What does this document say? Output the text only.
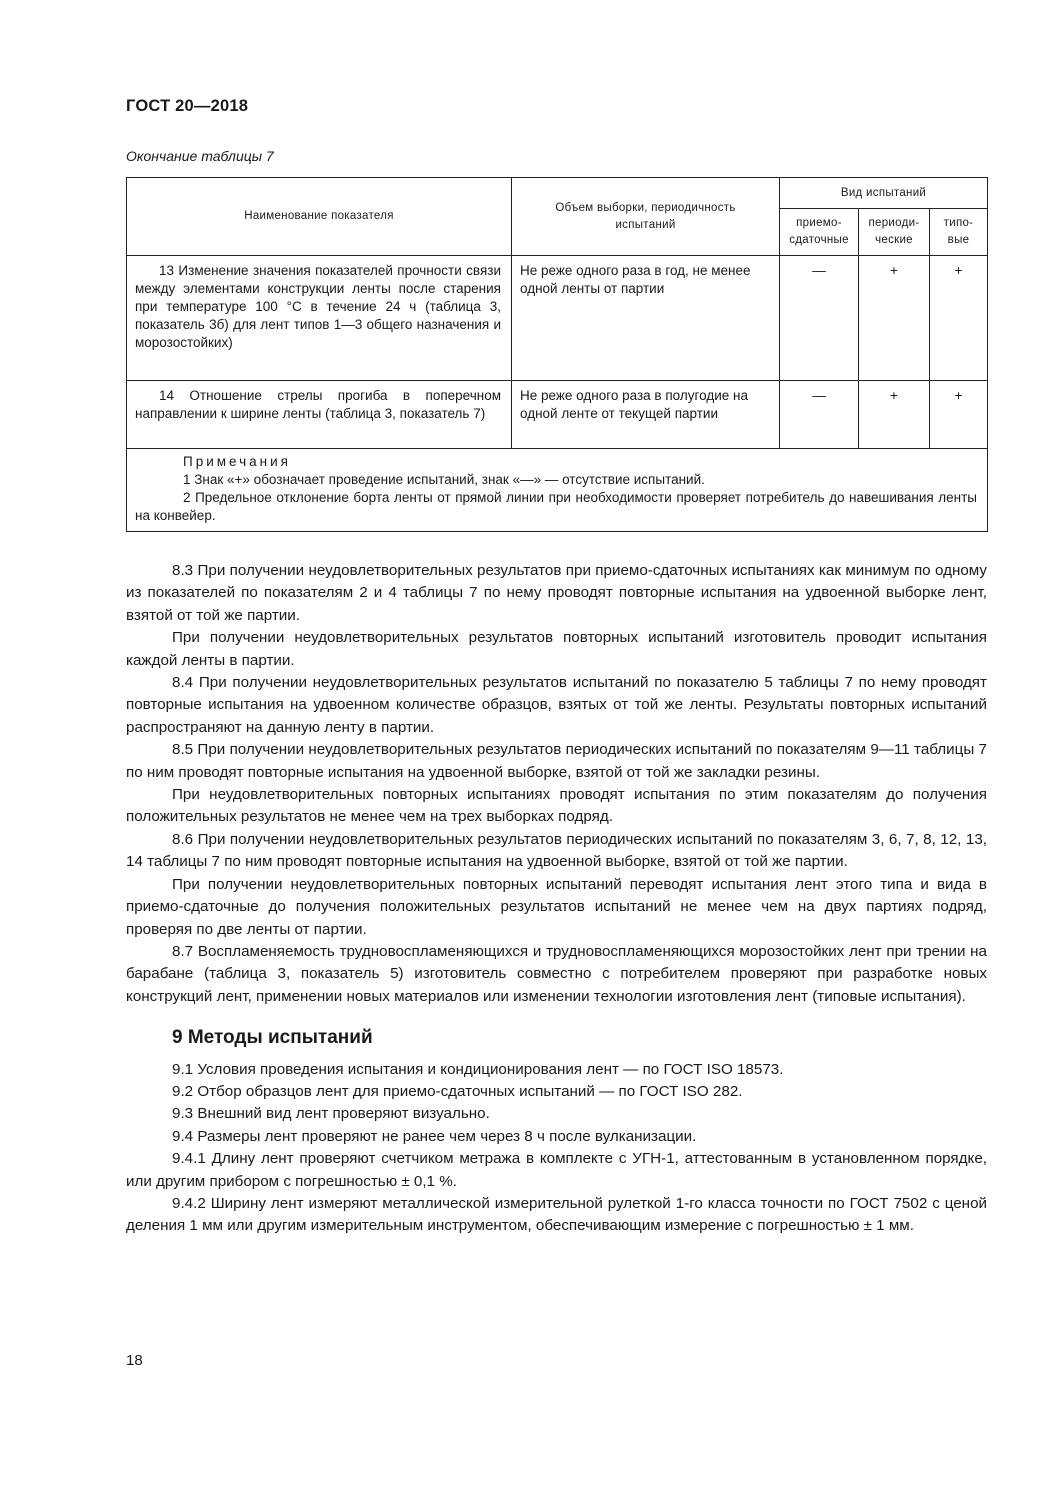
ГОСТ 20—2018
Окончание таблицы 7
Наименование показателя	Объем выборки, периодичность испытаний	Вид испытаний		
		приемо-сдаточные	периоди-ческие	типо-вые
13 Изменение значения показателей прочности связи между элементами конструкции ленты после старения при температуре 100 °С в течение 24 ч (таблица 3, показатель 3б) для лент типов 1—3 общего назначения и морозостойких)	Не реже одного раза в год, не менее одной ленты от партии	—	+	+
14 Отношение стрелы прогиба в поперечном направлении к ширине ленты (таблица 3, показатель 7)	Не реже одного раза в полугодие на одной ленте от текущей партии	—	+	+

Примечания

1 Знак «+» обозначает проведение испытаний, знак «—» — отсутствие испытаний.

2 Предельное отклонение борта ленты от прямой линии при необходимости проверяет потребитель до навешивания ленты на конвейер.				

8.3 При получении неудовлетворительных результатов при приемо-сдаточных испытаниях как минимум по одному из показателей по показателям 2 и 4 таблицы 7 по нему проводят повторные испытания на удвоенной выборке лент, взятой от той же партии.

При получении неудовлетворительных результатов повторных испытаний изготовитель проводит испытания каждой ленты в партии.

8.4 При получении неудовлетворительных результатов испытаний по показателю 5 таблицы 7 по нему проводят повторные испытания на удвоенном количестве образцов, взятых от той же ленты. Результаты повторных испытаний распространяют на данную ленту в партии.

8.5 При получении неудовлетворительных результатов периодических испытаний по показателям 9—11 таблицы 7 по ним проводят повторные испытания на удвоенной выборке, взятой от той же закладки резины.

При неудовлетворительных повторных испытаниях проводят испытания по этим показателям до получения положительных результатов не менее чем на трех выборках подряд.

8.6 При получении неудовлетворительных результатов периодических испытаний по показателям 3, 6, 7, 8, 12, 13, 14 таблицы 7 по ним проводят повторные испытания на удвоенной выборке, взятой от той же партии.

При получении неудовлетворительных повторных испытаний переводят испытания лент этого типа и вида в приемо-сдаточные до получения положительных результатов испытаний не менее чем на двух партиях подряд, проверяя по две ленты от партии.

8.7 Воспламеняемость трудновоспламеняющихся и трудновоспламеняющихся морозостойких лент при трении на барабане (таблица 3, показатель 5) изготовитель совместно с потребителем проверяют при разработке новых конструкций лент, применении новых материалов или изменении технологии изготовления лент (типовые испытания).

9 Методы испытаний

9.1 Условия проведения испытания и кондиционирования лент — по ГОСТ ISO 18573.

9.2 Отбор образцов лент для приемо-сдаточных испытаний — по ГОСТ ISO 282.

9.3 Внешний вид лент проверяют визуально.

9.4 Размеры лент проверяют не ранее чем через 8 ч после вулканизации.

9.4.1 Длину лент проверяют счетчиком метража в комплекте с УГН-1, аттестованным в установленном порядке, или другим прибором с погрешностью ± 0,1 %.

9.4.2 Ширину лент измеряют металлической измерительной рулеткой 1-го класса точности по ГОСТ 7502 с ценой деления 1 мм или другим измерительным инструментом, обеспечивающим измерение с погрешностью ± 1 мм.

18
